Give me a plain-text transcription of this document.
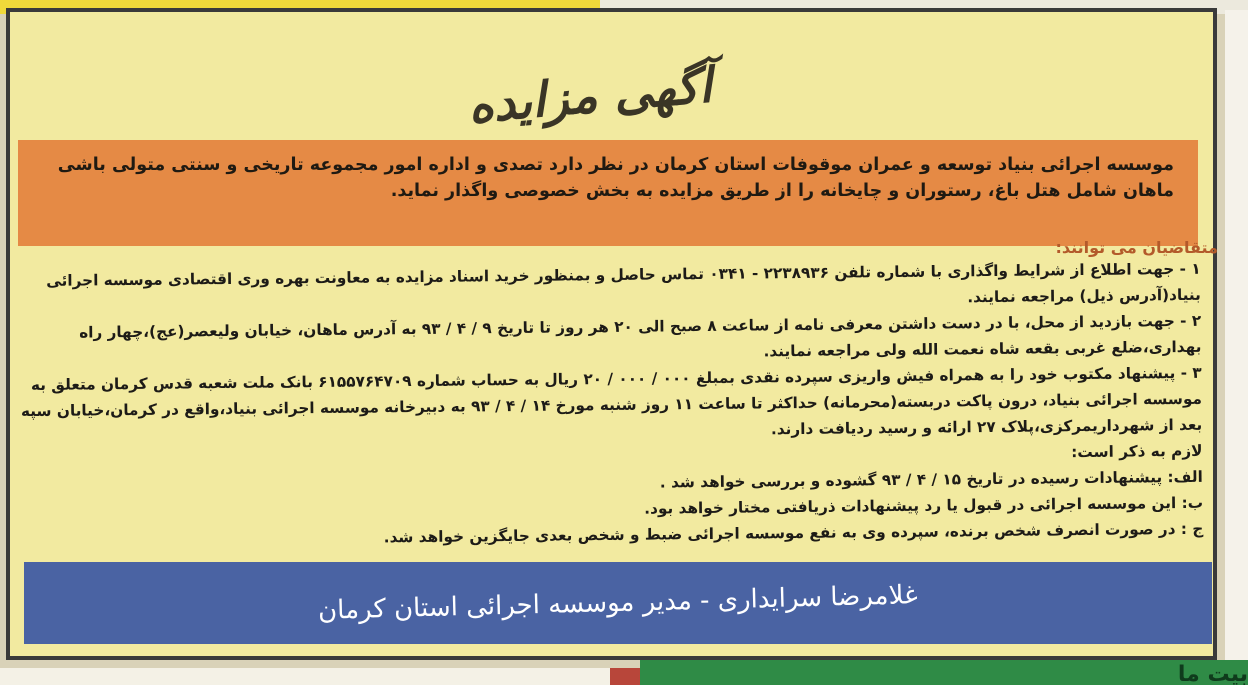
بیت ما
آگهی مزایده
موسسه اجرائی بنیاد توسعه و عمران موقوفات استان کرمان در نظر دارد تصدی و اداره امور مجموعه تاریخی و سنتی متولی باشی ماهان شامل هتل باغ، رستوران و چایخانه را از طریق مزایده به بخش خصوصی واگذار نماید.
متقاضیان می توانند:

۱ - جهت اطلاع از شرایط واگذاری با شماره تلفن ۲۲۳۸۹۳۶ - ۰۳۴۱ تماس حاصل و بمنظور خرید اسناد مزایده به معاونت بهره وری اقتصادی موسسه اجرائی بنیاد(آدرس ذیل) مراجعه نمایند.

۲ - جهت بازدید از محل، با در دست داشتن معرفی نامه از ساعت ۸ صبح الی ۲۰ هر روز تا تاریخ ۹ / ۴ / ۹۳ به آدرس ماهان، خیابان ولیعصر(عج)،چهار راه بهداری،ضلع غربی بقعه شاه نعمت الله ولی مراجعه نمایند.

۳ - پیشنهاد مکتوب خود را به همراه فیش واریزی سپرده نقدی بمبلغ ۰۰۰ / ۰۰۰ / ۲۰ ریال به حساب شماره ۶۱۵۵۷۶۴۷۰۹ بانک ملت شعبه قدس کرمان متعلق به موسسه اجرائی بنیاد، درون پاکت دربسته(محرمانه) حداکثر تا ساعت ۱۱ روز شنبه مورخ ۱۴ / ۴ / ۹۳ به دبیرخانه موسسه اجرائی بنیاد،واقع در کرمان،خیابان سپه بعد از شهرداریمرکزی،پلاک ۲۷ ارائه و رسید ردیافت دارند.

لازم به ذکر است:

الف: پیشنهادات رسیده در تاریخ ۱۵ / ۴ / ۹۳ گشوده و بررسی خواهد شد .

ب: این موسسه اجرائی در قبول یا رد پیشنهادات ذریافتی مختار خواهد بود.

ج : در صورت انصرف شخص برنده، سپرده وی به نفع موسسه اجرائی ضبط و شخص بعدی جایگزین خواهد شد.

غلامرضا سرایداری - مدیر موسسه اجرائی استان کرمان
